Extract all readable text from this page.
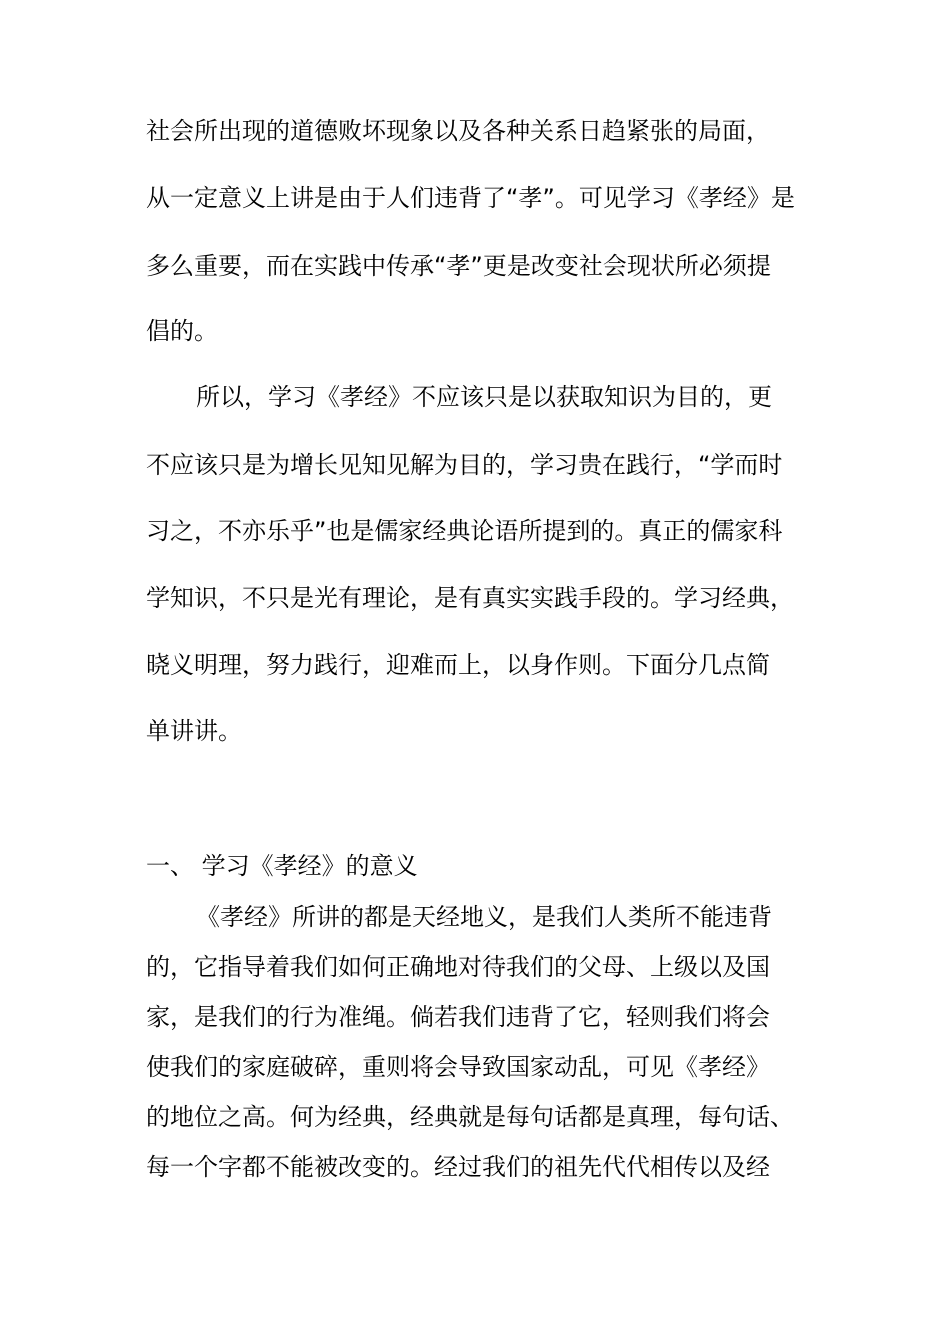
社会所出现的道德败坏现象以及各种关系日趋紧张的局面，
从一定意义上讲是由于人们违背了“孝”。可见学习《孝经》是
多么重要，而在实践中传承“孝”更是改变社会现状所必须提
倡的。
所以，学习《孝经》不应该只是以获取知识为目的，更
不应该只是为增长见知见解为目的，学习贵在践行，“学而时
习之，不亦乐乎”也是儒家经典论语所提到的。真正的儒家科
学知识，不只是光有理论，是有真实实践手段的。学习经典，
晓义明理，努力践行，迎难而上，以身作则。下面分几点简
单讲讲。
一、 学习《孝经》的意义
《孝经》所讲的都是天经地义，是我们人类所不能违背
的，它指导着我们如何正确地对待我们的父母、上级以及国
家，是我们的行为准绳。倘若我们违背了它，轻则我们将会
使我们的家庭破碎，重则将会导致国家动乱，可见《孝经》
的地位之高。何为经典，经典就是每句话都是真理，每句话、
每一个字都不能被改变的。经过我们的祖先代代相传以及经
